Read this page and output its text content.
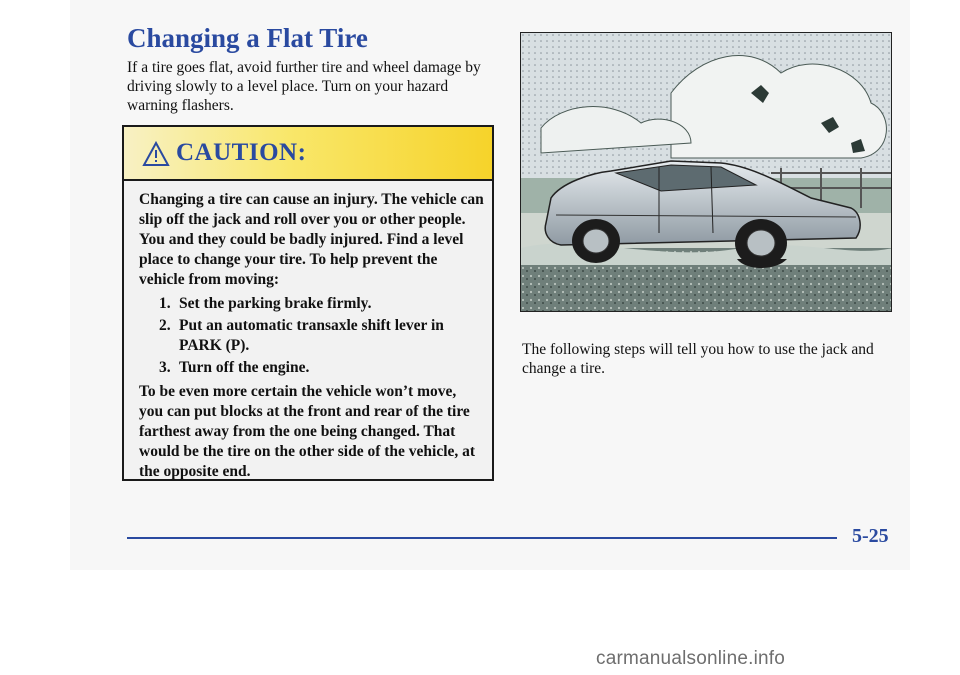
Changing a Flat Tire
If a tire goes flat, avoid further tire and wheel damage by driving slowly to a level place. Turn on your hazard warning flashers.
CAUTION:

Changing a tire can cause an injury. The vehicle can slip off the jack and roll over you or other people. You and they could be badly injured. Find a level place to change your tire. To help prevent the vehicle from moving:

1. Set the parking brake firmly.
2. Put an automatic transaxle shift lever in PARK (P).
3. Turn off the engine.

To be even more certain the vehicle won’t move, you can put blocks at the front and rear of the tire farthest away from the one being changed. That would be the tire on the other side of the vehicle, at the opposite end.

The following steps will tell you how to use the jack and change a tire.
5-25
carmanualsonline.info
